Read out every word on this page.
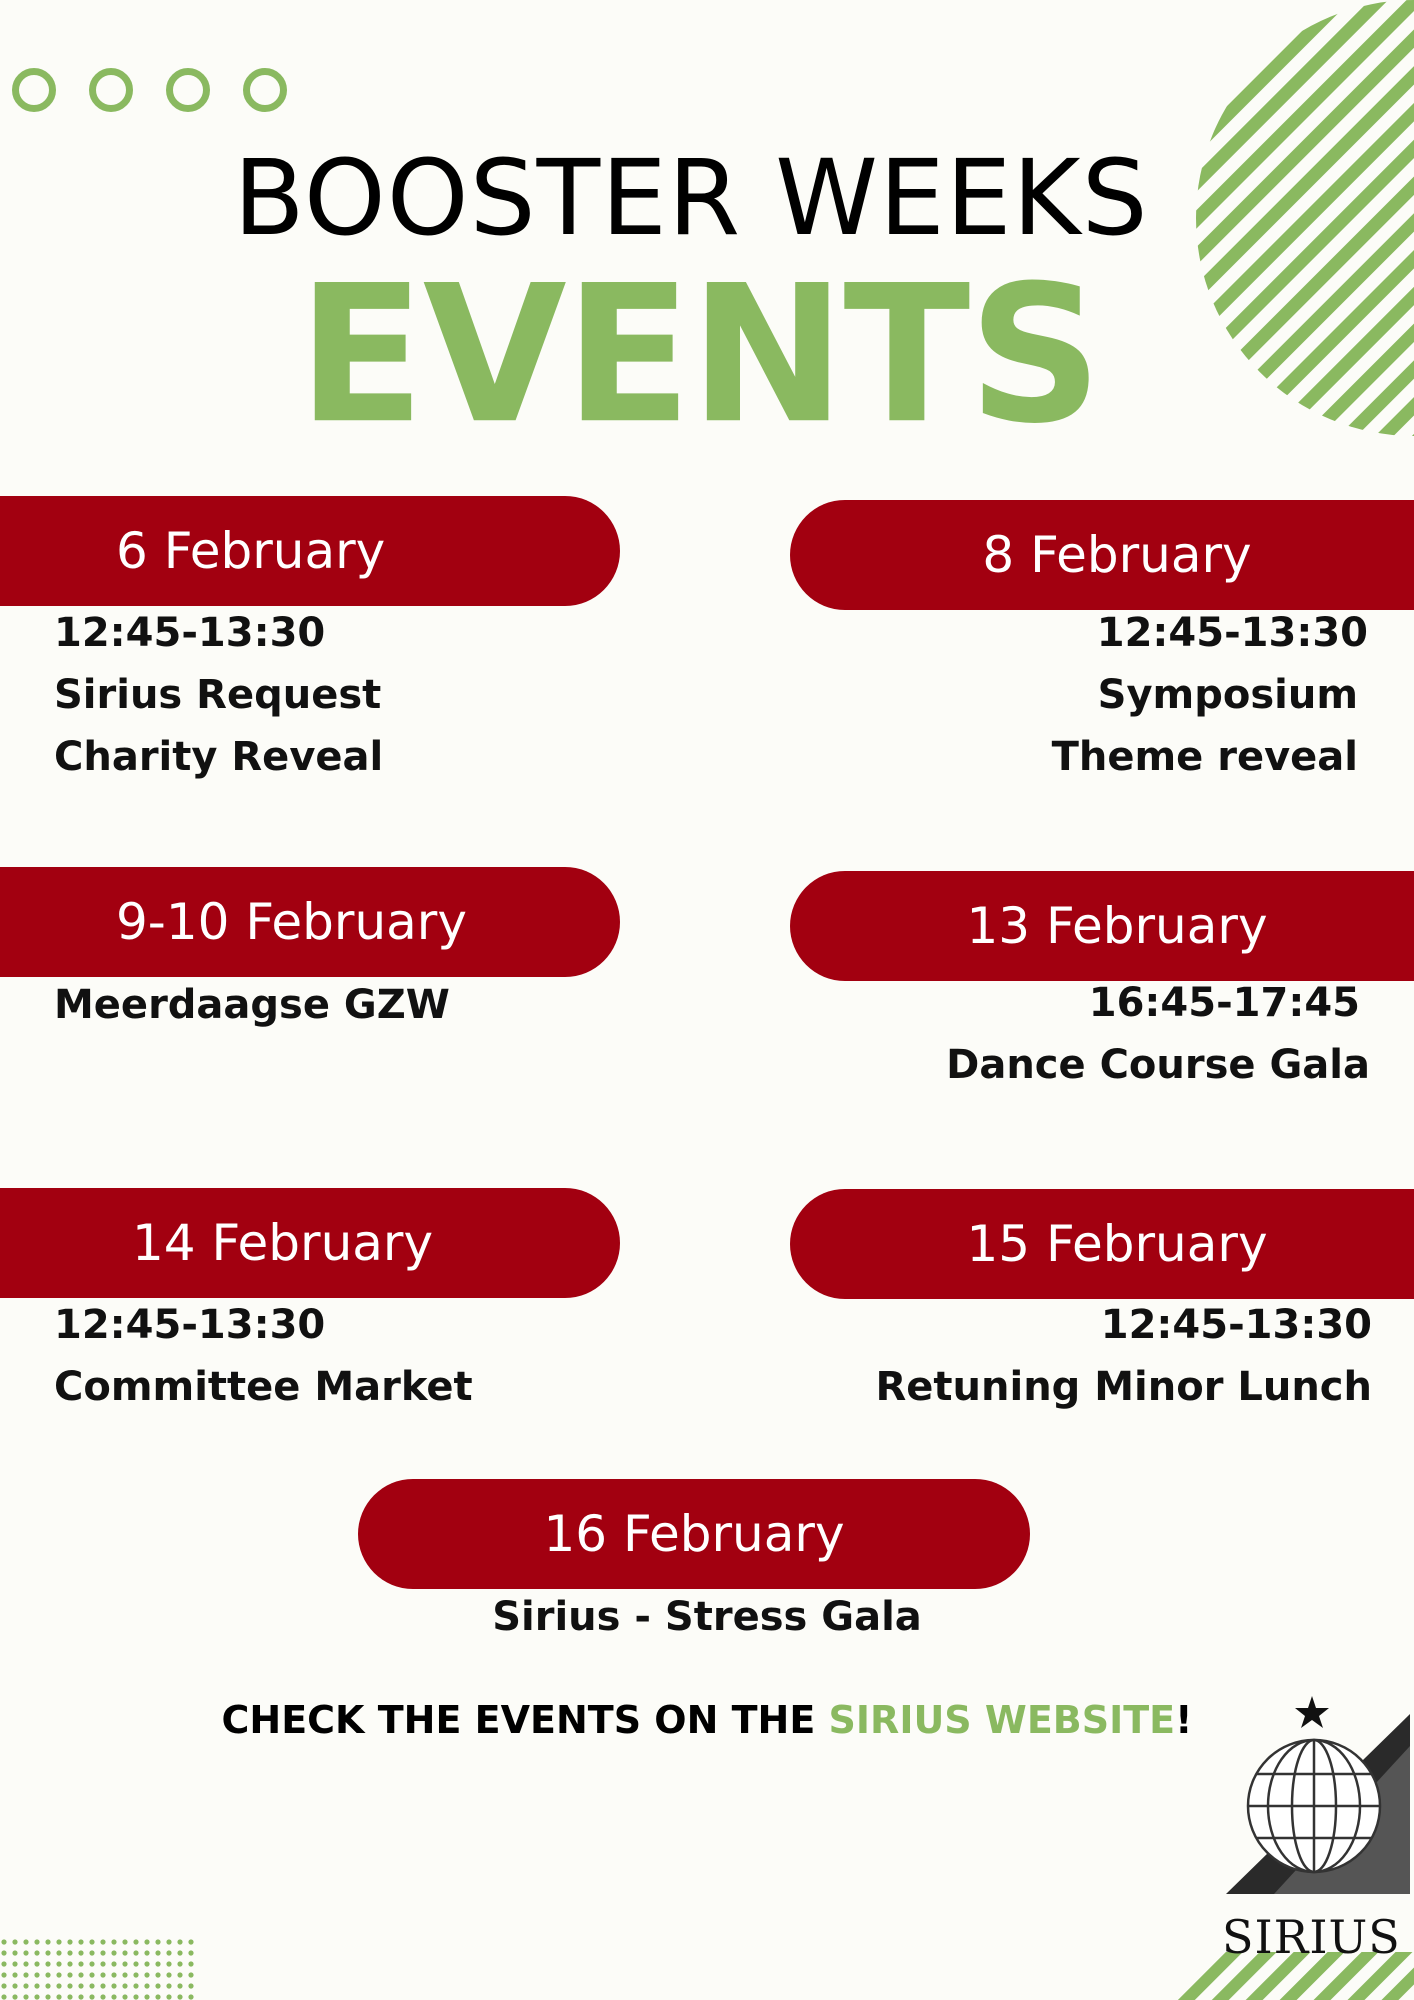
BOOSTER WEEKS
EVENTS
6 February
12:45-13:30
Sirius Request
Charity Reveal
8 February
12:45-13:30
Symposium
Theme reveal
9-10 February
Meerdaagse GZW
13 February
16:45-17:45
Dance Course Gala
14 February
12:45-13:30
Committee Market
15 February
12:45-13:30
Retuning Minor Lunch
16 February
Sirius - Stress Gala
CHECK THE EVENTS ON THE SIRIUS WEBSITE!
SIRIUS
